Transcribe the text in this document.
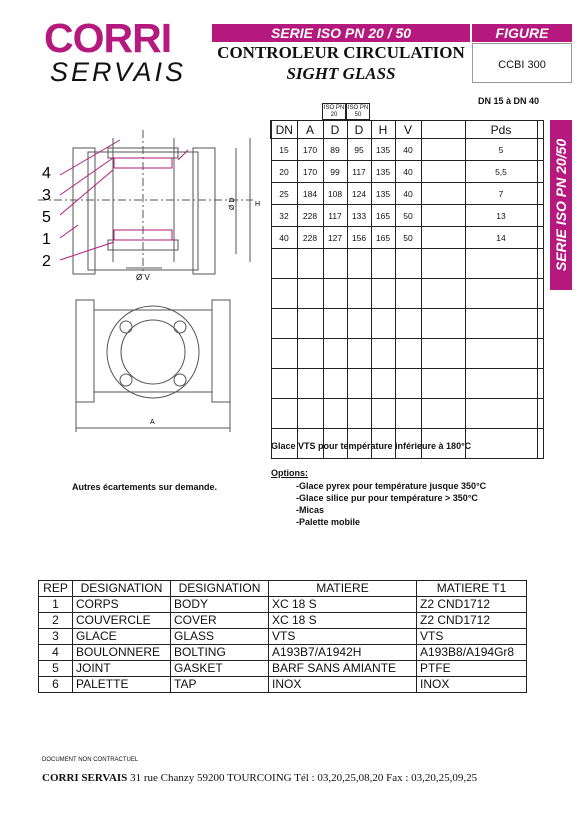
CORRI
SERVAIS
SERIE ISO PN 20 / 50	FIGURE
CONTROLEUR CIRCULATION
SIGHT GLASS	CCBI 300
DN 15 à DN 40
ISO PN 20
ISO PN 50
DN	A	D	D	H	V		Pds	
15	170	89	95	135	40		5	
20	170	99	117	135	40		5,5	
25	184	108	124	135	40		7	
32	228	117	133	165	50		13	
40	228	127	156	165	50		14	

									SERIE ISO PN 20/50
4
3
5
1
2
Ø V
Ø D	H
A
Glace VTS pour température inférieure à 180°C
Autres écartements sur demande.
Options:
-Glace pyrex pour température jusque 350°C
-Glace silice pur pour température > 350°C
-Micas
-Palette mobile
REP	DESIGNATION	DESIGNATION	MATIERE	MATIERE T1
1	CORPS	BODY	XC 18 S	Z2 CND1712
2	COUVERCLE	COVER	XC 18 S	Z2 CND1712
3	GLACE	GLASS	VTS	VTS
4	BOULONNERE	BOLTING	A193B7/A1942H	A193B8/A194Gr8
5	JOINT	GASKET	BARF SANS AMIANTE	PTFE
6	PALETTE	TAP	INOX	INOX
DOCUMENT NON CONTRACTUEL
CORRI SERVAIS 31 rue Chanzy 59200 TOURCOING Tél : 03,20,25,08,20 Fax : 03,20,25,09,25
